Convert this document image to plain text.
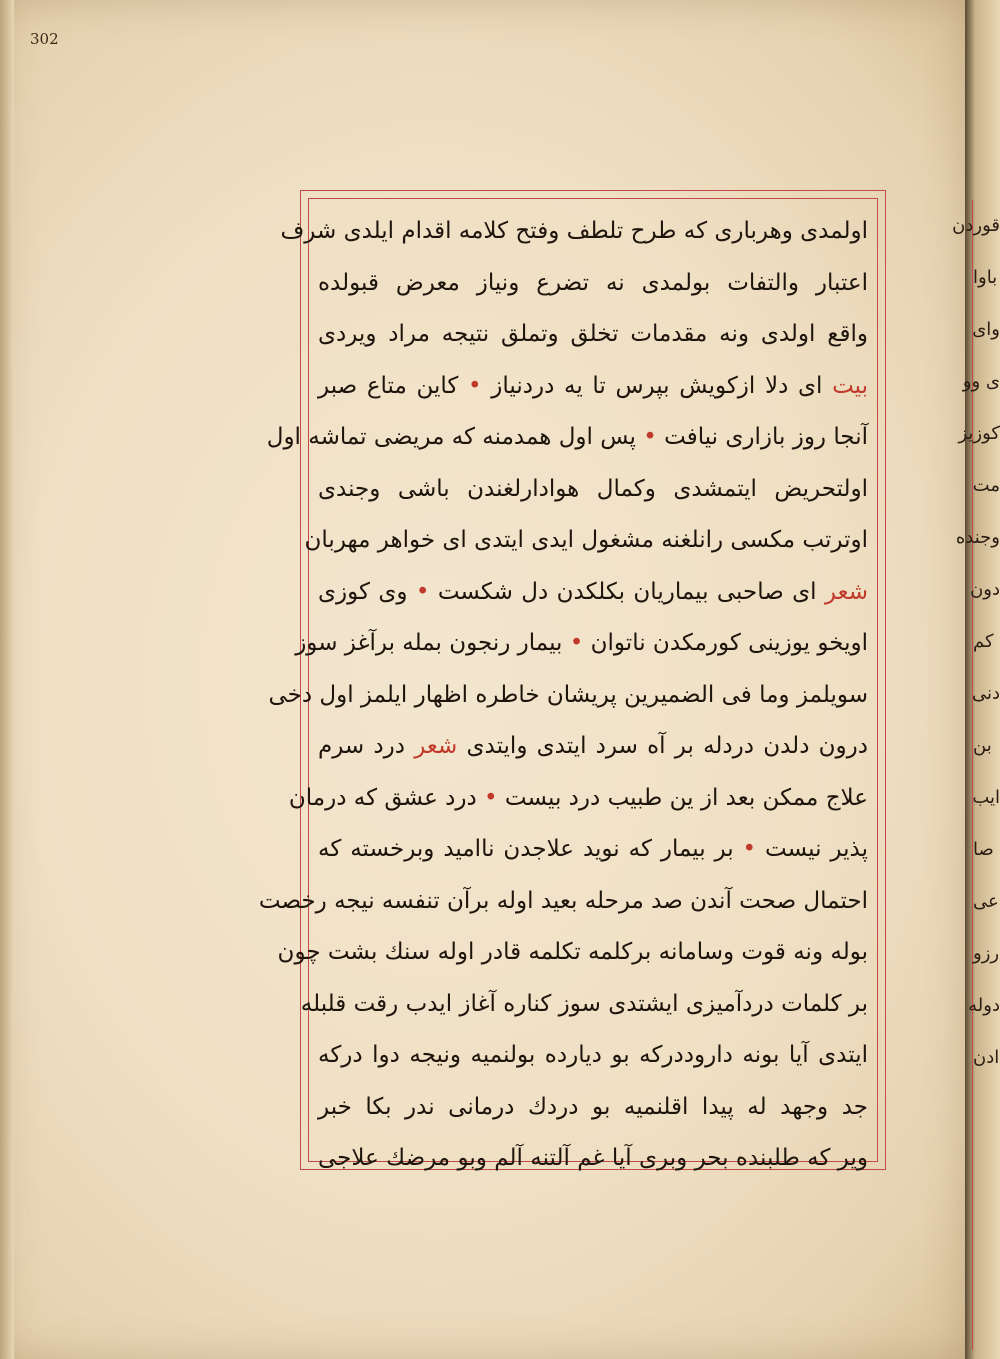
302
اولمدی وهرباری كه طرح تلطف وفتح كلامه اقدام ایلدی شرف
اعتبار والتفات بولمدی نه تضرع ونیاز معرض قبولده
واقع اولدی ونه مقدمات تخلق وتملق نتیجه مراد ویردی
بیت ای دلا ازكویش بپرس تا یه دردنیاز • كاین متاع صبر
آنجا روز بازاری نیافت • پس اول همدمنه كه مریضی تماشه اول
اولتحریض ایتمشدی وكمال هوادارلغندن باشی وجندی
اوترتب مكسی رانلغنه مشغول ایدی ایتدی ای خواهر مهربان
شعر ای صاحبی بیماریان بكلكدن دل شكست • وی كوزی
اویخو یوزینی كورمكدن ناتوان • بیمار رنجون بمله برآغز سوز
سویلمز وما فی الضمیرین پریشان خاطره اظهار ایلمز اول دخی
درون دلدن دردله بر آه سرد ایتدی وایتدی شعر درد سرم
علاج ممكن بعد از ین طبیب درد بیست • درد عشق كه درمان
پذیر نیست • بر بیمار كه نوید علاجدن ناامید وبرخسته كه
احتمال صحت آندن صد مرحله بعید اوله برآن تنفسه نیجه رخصت
بوله ونه قوت وسامانه بركلمه تكلمه قادر اوله سنك بشت چون
بر كلمات دردآمیزی ایشتدی سوز كناره آغاز ایدب رقت قلبله
ایتدی آیا بونه داروددركه بو دیارده بولنمیه ونیجه دوا دركه
جد وجهد له پیدا اقلنمیه بو دردك درمانی ندر بكا خبر
ویر كه طلبنده بحر وبری آیا غم آلتنه آلم وبو مرضك علاجی
قوردن
باوا
وای
ی وو
كوزیز
مت
وجنده
دون
كم
دنی
بن
ایب
صا
عی
رزو
دوله
ادن
